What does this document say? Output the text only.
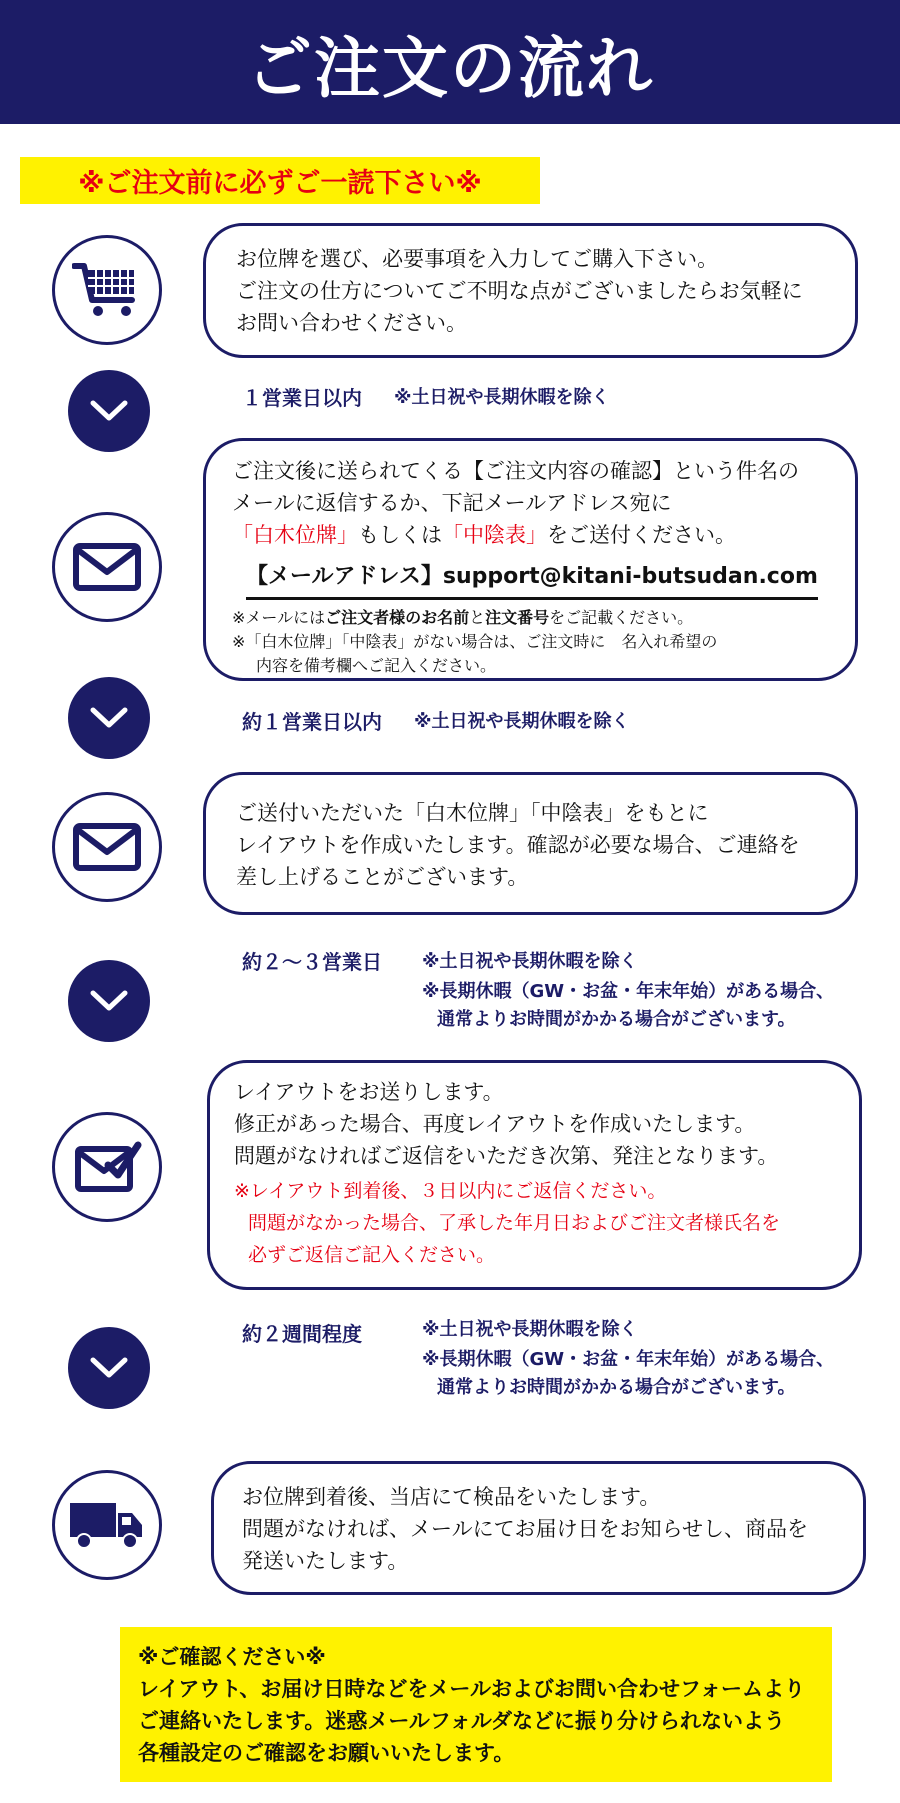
ご注文の流れ
※ご注文前に必ずご一読下さい※

お位牌を選び、必要事項を入力してご購入下さい。

ご注文の仕方についてご不明な点がございましたらお気軽に

お問い合わせください。

１営業日以内 ※土日祝や長期休暇を除く

ご注文後に送られてくる【ご注文内容の確認】という件名の

メールに返信するか、下記メールアドレス宛に

「白木位牌」もしくは「中陰表」をご送付ください。

【メールアドレス】support@kitani-butsudan.com

※メールにはご注文者様のお名前と注文番号をご記載ください。

※「白木位牌」「中陰表」がない場合は、ご注文時に　名入れ希望の

内容を備考欄へご記入ください。

約１営業日以内 ※土日祝や長期休暇を除く

ご送付いただいた「白木位牌」「中陰表」をもとに

レイアウトを作成いたします。確認が必要な場合、ご連絡を

差し上げることがございます。

約２～３営業日 ※土日祝や長期休暇を除く
※長期休暇（GW・お盆・年末年始）がある場合、
通常よりお時間がかかる場合がございます。

レイアウトをお送りします。

修正があった場合、再度レイアウトを作成いたします。

問題がなければご返信をいただき次第、発注となります。

※レイアウト到着後、３日以内にご返信ください。

問題がなかった場合、了承した年月日およびご注文者様氏名を

必ずご返信ご記入ください。

約２週間程度	※土日祝や長期休暇を除く
※長期休暇（GW・お盆・年末年始）がある場合、
通常よりお時間がかかる場合がございます。

お位牌到着後、当店にて検品をいたします。

問題がなければ、メールにてお届け日をお知らせし、商品を

発送いたします。

※ご確認ください※

レイアウト、お届け日時などをメールおよびお問い合わせフォームより

ご連絡いたします。迷惑メールフォルダなどに振り分けられないよう

各種設定のご確認をお願いいたします。
